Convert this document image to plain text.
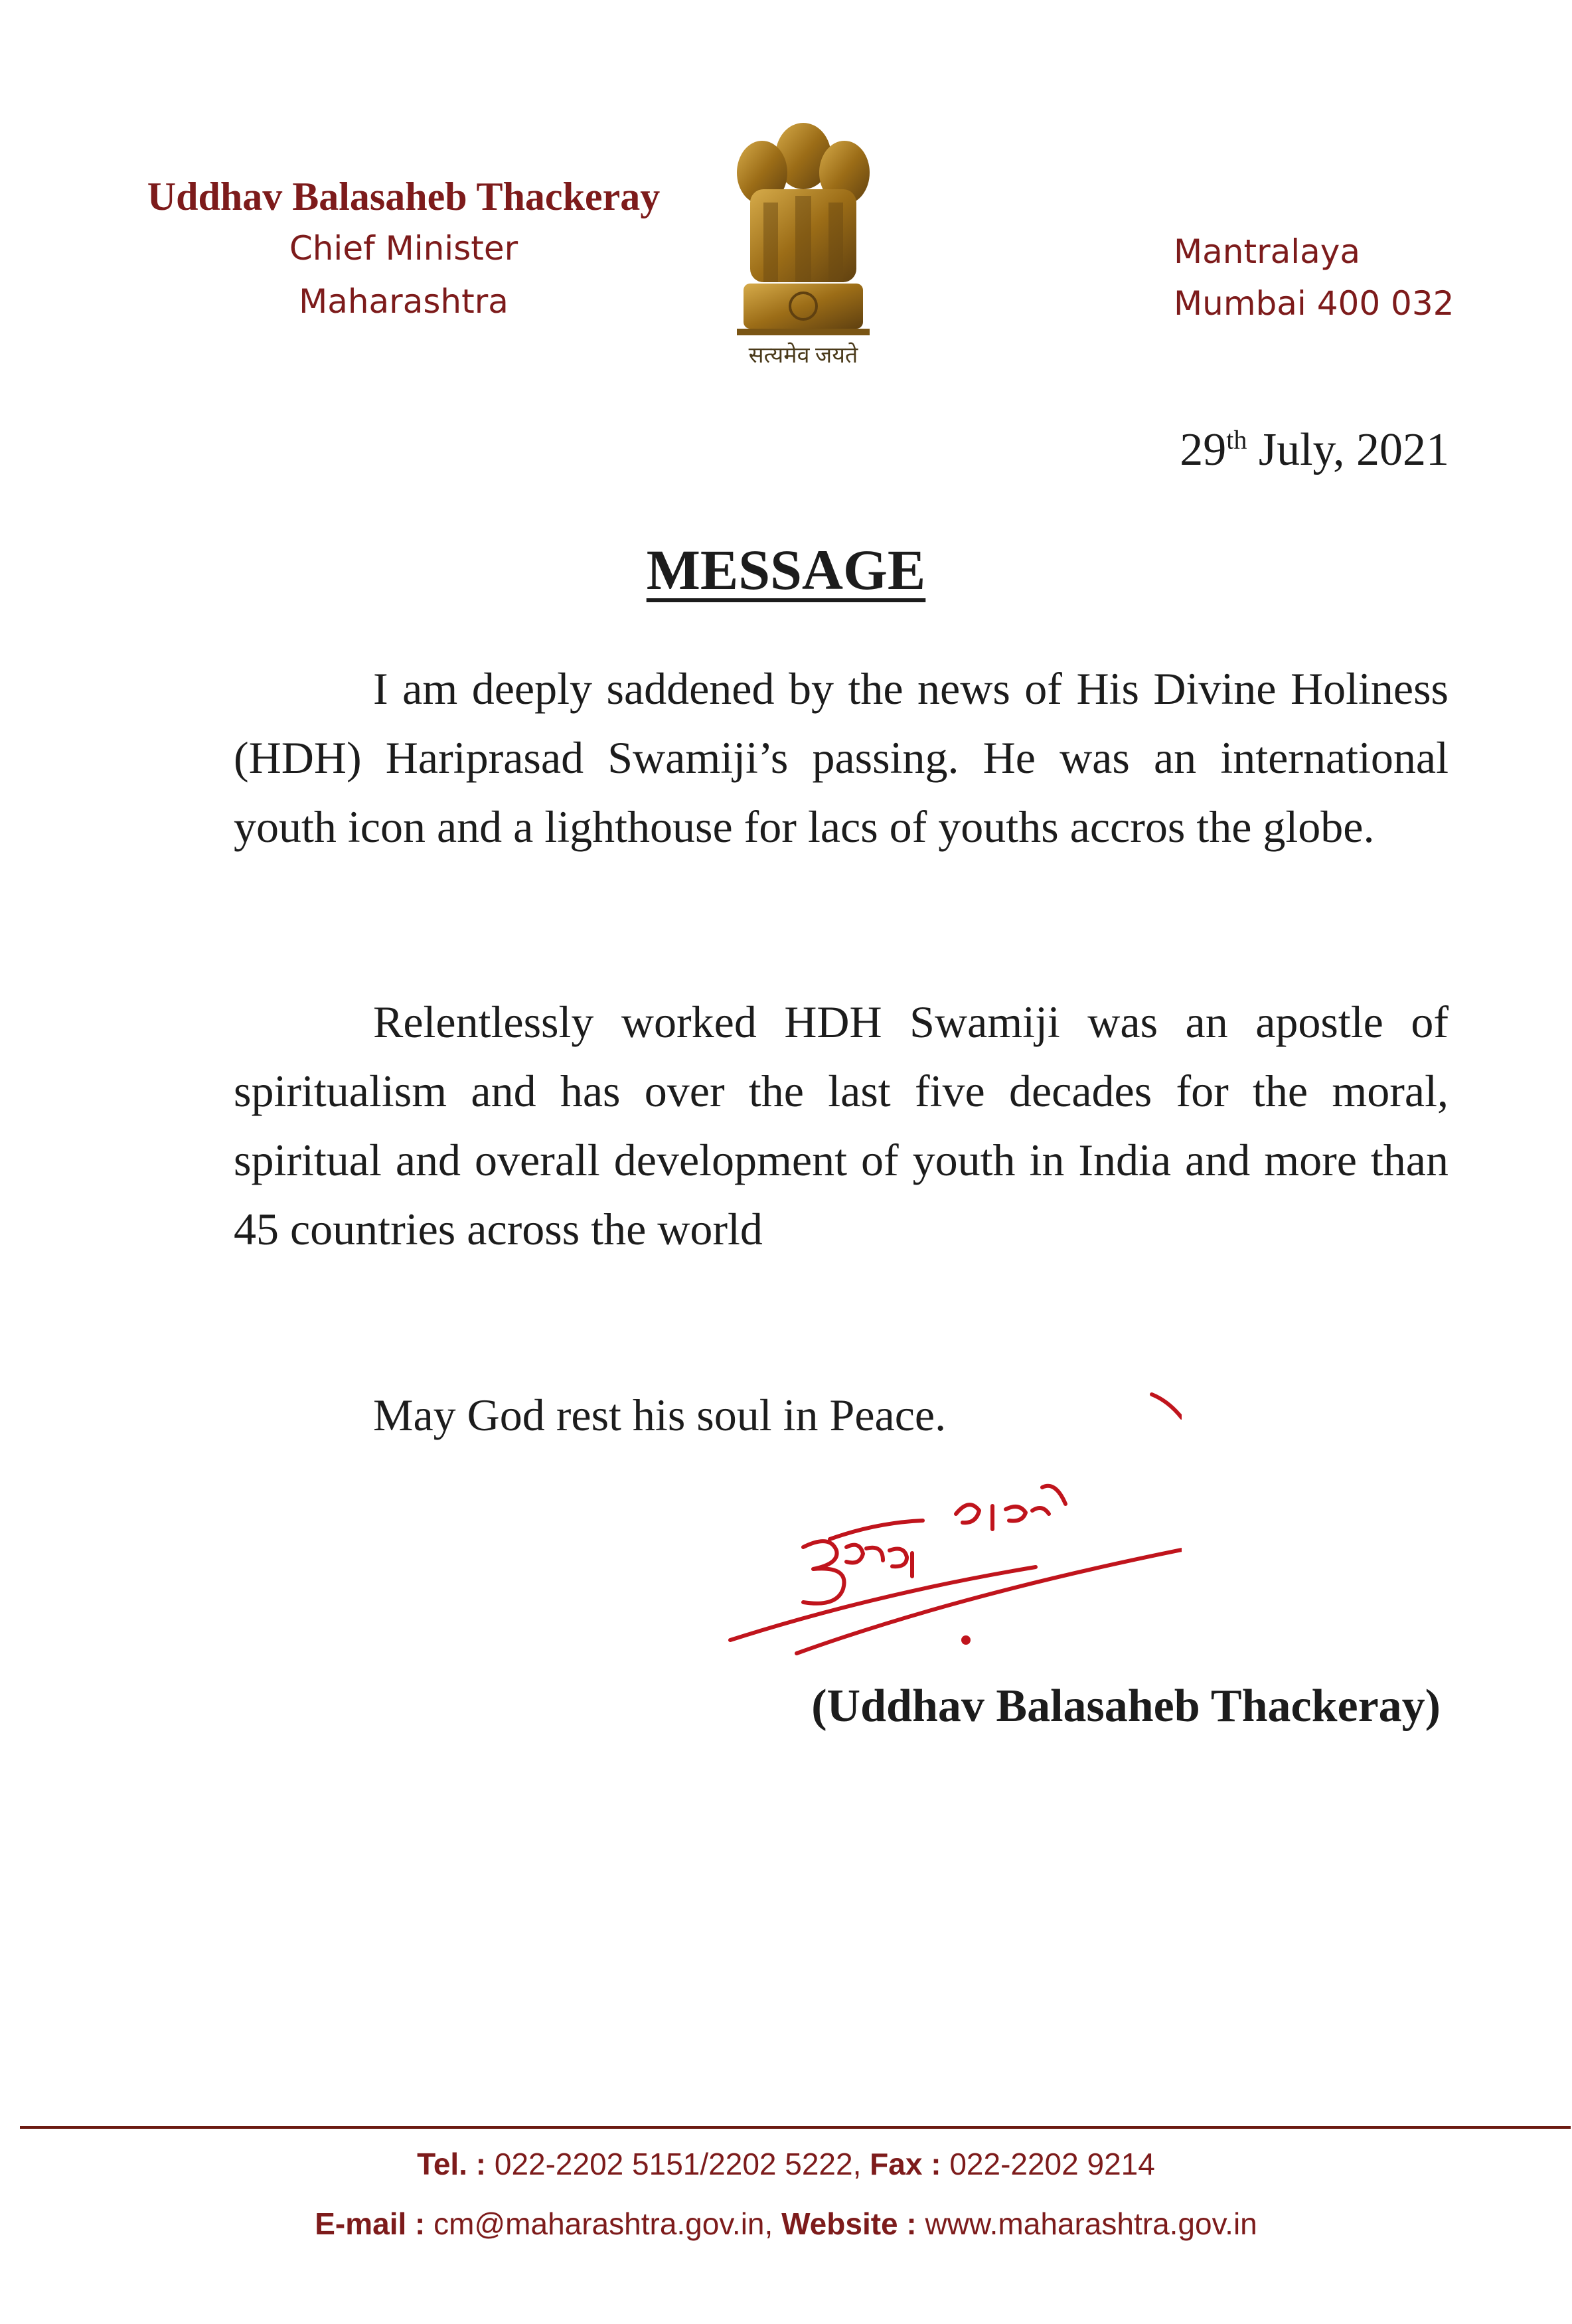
Uddhav Balasaheb Thackeray
Chief Minister
Maharashtra
सत्यमेव जयते
Mantralaya
Mumbai 400 032
29th July, 2021
MESSAGE

I am deeply saddened by the news of His Divine Holiness (HDH) Hariprasad Swamiji’s passing. He was an international youth icon and a lighthouse for lacs of youths accros the globe.

Relentlessly worked HDH Swamiji was an apostle of spiritualism and has over the last five decades for the moral, spiritual and overall development of youth in India and more than 45 countries across the world

May God rest his soul in Peace.
(Uddhav Balasaheb Thackeray)
Tel. : 022-2202 5151/2202 5222, Fax : 022-2202 9214
E-mail : cm@maharashtra.gov.in, Website : www.maharashtra.gov.in
